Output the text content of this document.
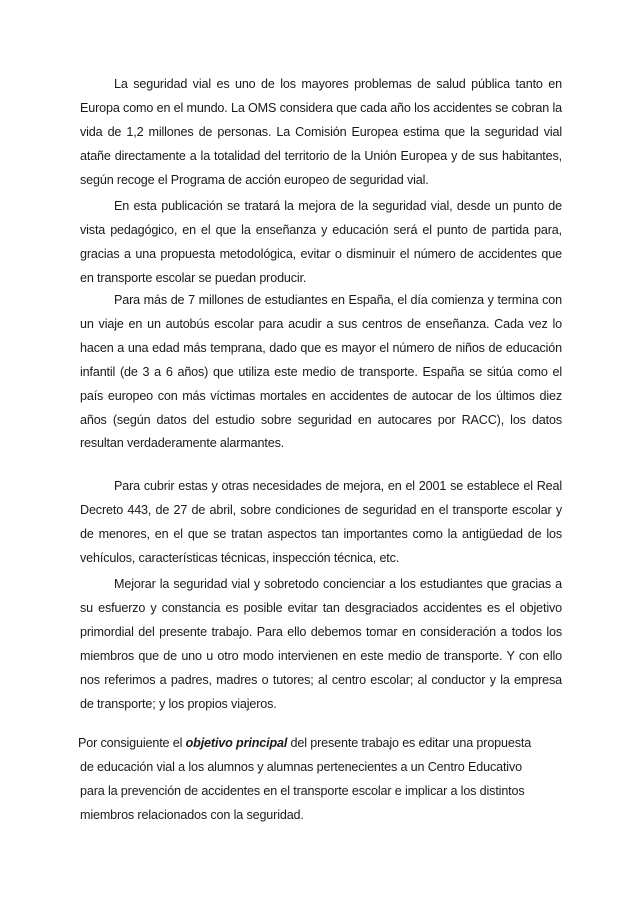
La seguridad vial es uno de los mayores problemas de salud pública tanto en Europa como en el mundo. La OMS considera que cada año los accidentes se cobran la vida de 1,2 millones de personas. La Comisión Europea estima que la seguridad vial atañe directamente a la totalidad del territorio de la Unión Europea y de sus habitantes, según recoge el Programa de acción europeo de seguridad vial.

En esta publicación se tratará la mejora de la seguridad vial, desde un punto de vista pedagógico, en el que la enseñanza y educación será el punto de partida para, gracias a una propuesta metodológica, evitar o disminuir el número de accidentes que en transporte escolar se puedan producir.

Para más de 7 millones de estudiantes en España, el día comienza y termina con un viaje en un autobús escolar para acudir a sus centros de enseñanza. Cada vez lo hacen a una edad más temprana, dado que es mayor el número de niños de educación infantil (de 3 a 6 años) que utiliza este medio de transporte. España se sitúa como el país europeo con más víctimas mortales en accidentes de autocar de los últimos diez años (según datos del estudio sobre seguridad en autocares por RACC), los datos resultan verdaderamente alarmantes.

Para cubrir estas y otras necesidades de mejora, en el 2001 se establece el Real Decreto 443, de 27 de abril, sobre condiciones de seguridad en el transporte escolar y de menores, en el que se tratan aspectos tan importantes como la antigüedad de los vehículos, características técnicas, inspección técnica, etc.

Mejorar la seguridad vial y sobretodo concienciar a los estudiantes que gracias a su esfuerzo y constancia es posible evitar tan desgraciados accidentes es el objetivo primordial del presente trabajo. Para ello debemos tomar en consideración a todos los miembros que de uno u otro modo intervienen en este medio de transporte. Y con ello nos referimos a padres, madres o tutores; al centro escolar; al conductor y la empresa de transporte; y los propios viajeros.

Por consiguiente el objetivo principal del presente trabajo es editar una propuesta
de educación vial a los alumnos y alumnas pertenecientes a un Centro Educativo
para la prevención de accidentes en el transporte escolar e implicar a los distintos
miembros relacionados con la seguridad.
